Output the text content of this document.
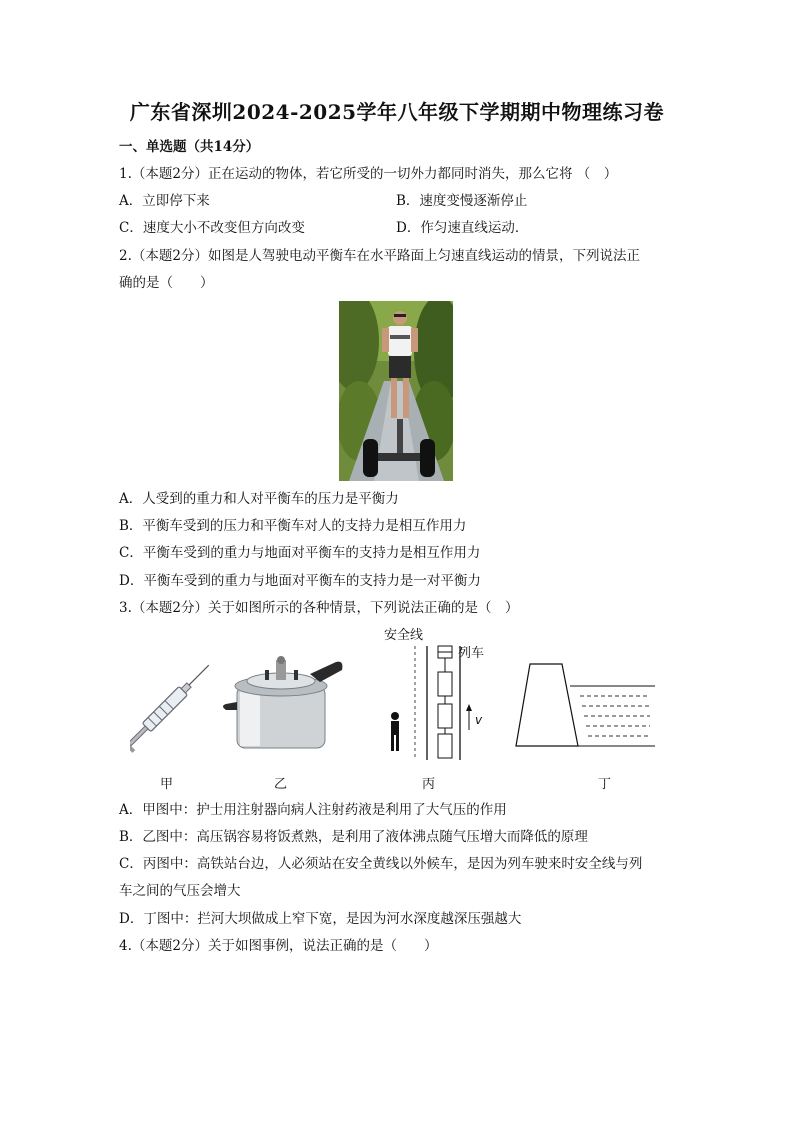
广东省深圳2024-2025学年八年级下学期期中物理练习卷
一、单选题（共14分）
1.（本题2分）正在运动的物体，若它所受的一切外力都同时消失，那么它将 （　）
A．立即停下来	B．速度变慢逐渐停止
C．速度大小不改变但方向改变	D．作匀速直线运动．
2.（本题2分）如图是人驾驶电动平衡车在水平路面上匀速直线运动的情景，下列说法正
确的是（　　）
A．人受到的重力和人对平衡车的压力是平衡力
B．平衡车受到的压力和平衡车对人的支持力是相互作用力
C．平衡车受到的重力与地面对平衡车的支持力是相互作用力
D．平衡车受到的重力与地面对平衡车的支持力是一对平衡力
3.（本题2分）关于如图所示的各种情景，下列说法正确的是（　）
安全线
列车
v
甲	乙	丙	丁
A．甲图中：护士用注射器向病人注射药液是利用了大气压的作用
B．乙图中：高压锅容易将饭煮熟，是利用了液体沸点随气压增大而降低的原理
C．丙图中：高铁站台边，人必须站在安全黄线以外候车，是因为列车驶来时安全线与列
车之间的气压会增大
D．丁图中：拦河大坝做成上窄下宽，是因为河水深度越深压强越大
4.（本题2分）关于如图事例，说法正确的是（　　）
